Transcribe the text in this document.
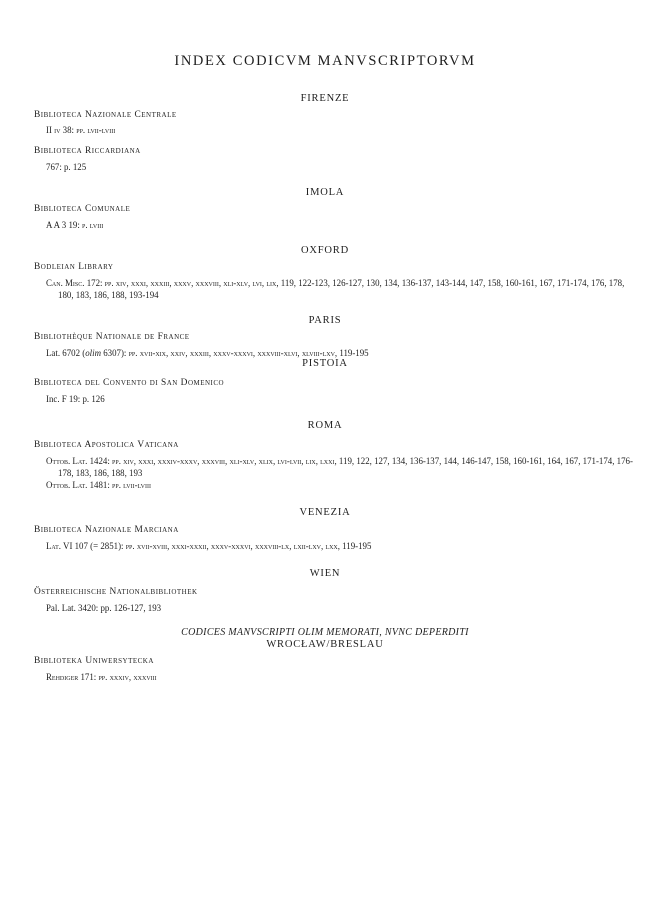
INDEX CODICVM MANVSCRIPTORVM
FIRENZE
Biblioteca Nazionale Centrale
II iv 38: pp. lvii-lviii
Biblioteca Riccardiana
767: p. 125
IMOLA
Biblioteca Comunale
A A 3 19: p. lviii
OXFORD
Bodleian Library
Can. Misc. 172: pp. xiv, xxxi, xxxiii, xxxv, xxxviii, xli-xlv, lvi, lix, 119, 122-123, 126-127, 130, 134, 136-137, 143-144, 147, 158, 160-161, 167, 171-174, 176, 178, 180, 183, 186, 188, 193-194
PARIS
Bibliothèque Nationale de France
Lat. 6702 (olim 6307): pp. xvii-xix, xxiv, xxxiii, xxxv-xxxvi, xxxviii-xlvi, xlviii-lxv, 119-195
PISTOIA
Biblioteca del Convento di San Domenico
Inc. F 19: p. 126
ROMA
Biblioteca Apostolica Vaticana
Ottob. Lat. 1424: pp. xiv, xxxi, xxxiv-xxxv, xxxviii, xli-xlv, xlix, lvi-lvii, lix, lxxi, 119, 122, 127, 134, 136-137, 144, 146-147, 158, 160-161, 164, 167, 171-174, 176-178, 183, 186, 188, 193
Ottob. Lat. 1481: pp. lvii-lviii
VENEZIA
Biblioteca Nazionale Marciana
Lat. VI 107 (= 2851): pp. xvii-xviii, xxxi-xxxii, xxxv-xxxvi, xxxviii-lx, lxii-lxv, lxx, 119-195
WIEN
Österreichische Nationalbibliothek
Pal. Lat. 3420: pp. 126-127, 193
CODICES MANVSCRIPTI OLIM MEMORATI, NVNC DEPERDITI
WROCŁAW/BRESLAU
Biblioteka Uniwersytecka
Rehdiger 171: pp. xxxiv, xxxviii
